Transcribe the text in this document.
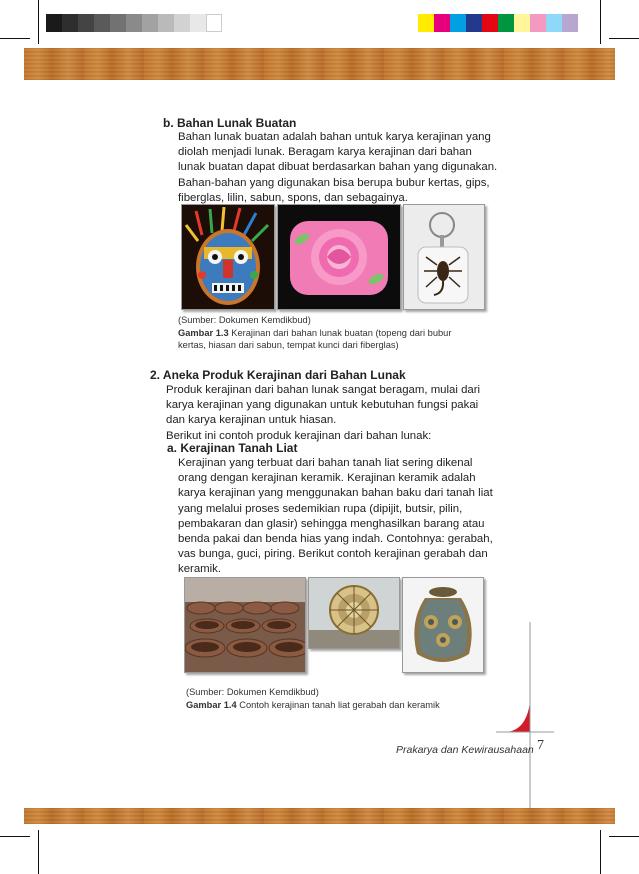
b. Bahan Lunak Buatan
Bahan lunak buatan adalah bahan untuk karya kerajinan yang
diolah menjadi lunak. Beragam karya kerajinan dari bahan
lunak buatan dapat dibuat berdasarkan bahan yang digunakan.
Bahan-bahan yang digunakan bisa berupa bubur kertas, gips,
fiberglas, lilin, sabun, spons, dan sebagainya.
(Sumber: Dokumen Kemdikbud)
Gambar 1.3 Kerajinan dari bahan lunak buatan (topeng dari bubur
kertas, hiasan dari sabun, tempat kunci dari fiberglas)
2. Aneka Produk Kerajinan dari Bahan Lunak
Produk kerajinan dari bahan lunak sangat beragam, mulai dari
karya kerajinan yang digunakan untuk kebutuhan fungsi pakai
dan karya kerajinan untuk hiasan.
Berikut ini contoh produk kerajinan dari bahan lunak:
a. Kerajinan Tanah Liat
Kerajinan yang terbuat dari bahan tanah liat sering dikenal
orang dengan kerajinan keramik. Kerajinan keramik adalah
karya kerajinan yang menggunakan bahan baku dari tanah liat
yang melalui proses sedemikian rupa (dipijit, butsir, pilin,
pembakaran dan glasir) sehingga menghasilkan barang atau
benda pakai dan benda hias yang indah. Contohnya: gerabah,
vas bunga, guci, piring. Berikut contoh kerajinan gerabah dan
keramik.
(Sumber: Dokumen Kemdikbud)
Gambar 1.4 Contoh kerajinan tanah liat gerabah dan keramik
Prakarya dan Kewirausahaan 7
